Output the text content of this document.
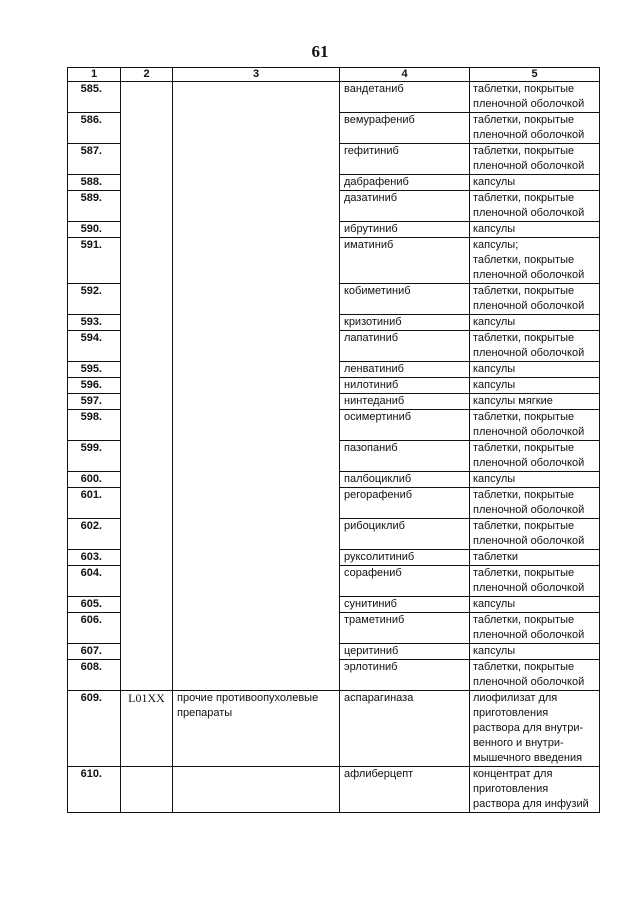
61
1	2	3	4	5
585.			вандетаниб	таблетки, покрытые
пленочной оболочкой

586.			вемурафениб	таблетки, покрытые
пленочной оболочкой

587.			гефитиниб	таблетки, покрытые
пленочной оболочкой

588.			дабрафениб	капсулы

589.			дазатиниб	таблетки, покрытые
пленочной оболочкой

590.			ибрутиниб	капсулы

591.			иматиниб	капсулы;
таблетки, покрытые
пленочной оболочкой

592.			кобиметиниб	таблетки, покрытые
пленочной оболочкой

593.			кризотиниб	капсулы

594.			лапатиниб	таблетки, покрытые
пленочной оболочкой

595.			ленватиниб	капсулы

596.			нилотиниб	капсулы

597.			нинтеданиб	капсулы мягкие

598.			осимертиниб	таблетки, покрытые
пленочной оболочкой

599.			пазопаниб	таблетки, покрытые
пленочной оболочкой

600.			палбоциклиб	капсулы

601.			регорафениб	таблетки, покрытые
пленочной оболочкой

602.			рибоциклиб	таблетки, покрытые
пленочной оболочкой

603.			руксолитиниб	таблетки

604.			сорафениб	таблетки, покрытые
пленочной оболочкой

605.			сунитиниб	капсулы

606.			траметиниб	таблетки, покрытые
пленочной оболочкой

607.			церитиниб	капсулы

608.			эрлотиниб	таблетки, покрытые
пленочной оболочкой

609.	L01XX	прочие противоопухолевые
препараты	аспарагиназа	лиофилизат для
приготовления
раствора для внутри-
венного и внутри-
мышечного введения

610.			афлиберцепт	концентрат для
приготовления
раствора для инфузий
